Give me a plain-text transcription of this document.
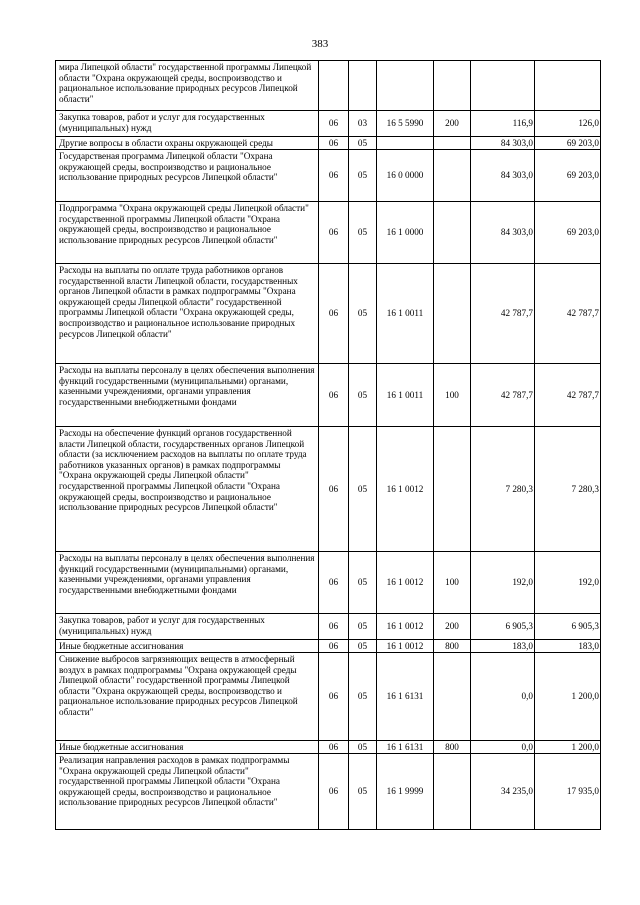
383
мира Липецкой области" государственной программы Липецкой области "Охрана окружающей среды, воспроизводство и рациональное использование природных ресурсов Липецкой области"						

Закупка товаров, работ и услуг для государственных (муниципальных) нужд	06	03	16 5 5990	200	116,9	126,0

Другие вопросы в области охраны окружающей среды	06	05			84 303,0	69 203,0

Государственая программа Липецкой области "Охрана окружающей среды, воспроизводство и рациональное использование природных ресурсов Липецкой области"	06	05	16 0 0000		84 303,0	69 203,0

Подпрограмма "Охрана окружающей среды Липецкой области" государственной программы Липецкой области "Охрана окружающей среды, воспроизводство и рациональное использование природных ресурсов Липецкой области"	06	05	16 1 0000		84 303,0	69 203,0

Расходы на выплаты по оплате труда работников органов государственной власти Липецкой области, государственных органов Липецкой области в рамках подпрограммы "Охрана окружающей среды Липецкой области" государственной программы Липецкой области "Охрана окружающей среды, воспроизводство и рациональное использование природных ресурсов Липецкой области"	06	05	16 1 0011		42 787,7	42 787,7

Расходы на выплаты персоналу в целях обеспечения выполнения функций государственными (муниципальными) органами, казенными учреждениями, органами управления государственными внебюджетными фондами	06	05	16 1 0011	100	42 787,7	42 787,7

Расходы на обеспечение функций органов государственной власти Липецкой области, государственных органов Липецкой области (за исключением расходов на выплаты по оплате труда работников указанных органов) в рамках подпрограммы "Охрана окружающей среды Липецкой области" государственной программы Липецкой области "Охрана окружающей среды, воспроизводство и рациональное использование природных ресурсов Липецкой области"	06	05	16 1 0012		7 280,3	7 280,3

Расходы на выплаты персоналу в целях обеспечения выполнения функций государственными (муниципальными) органами, казенными учреждениями, органами управления государственными внебюджетными фондами	06	05	16 1 0012	100	192,0	192,0

Закупка товаров, работ и услуг для государственных (муниципальных) нужд	06	05	16 1 0012	200	6 905,3	6 905,3

Иные бюджетные ассигнования	06	05	16 1 0012	800	183,0	183,0

Снижение выбросов загрязняющих веществ в атмосферный воздух в рамках подпрограммы "Охрана окружающей среды Липецкой области" государственной программы Липецкой области "Охрана окружающей среды, воспроизводство и рациональное использование природных ресурсов Липецкой области"	06	05	16 1 6131		0,0	1 200,0

Иные бюджетные ассигнования	06	05	16 1 6131	800	0,0	1 200,0

Реализация направления расходов в рамках подпрограммы "Охрана окружающей среды Липецкой области" государственной программы Липецкой области "Охрана окружающей среды, воспроизводство и рациональное использование природных ресурсов Липецкой области"	06	05	16 1 9999		34 235,0	17 935,0
